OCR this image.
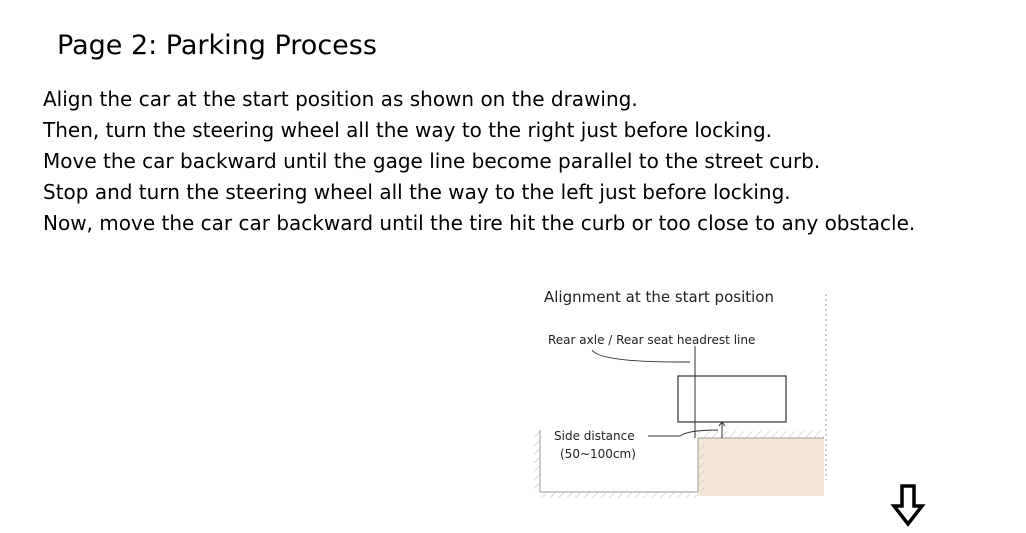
Page 2: Parking Process
Align the car at the start position as shown on the drawing.
Then, turn the steering wheel all the way to the right just before locking.
Move the car backward until the gage line become parallel to the street curb.
Stop and turn the steering wheel all the way to the left just before locking.
Now, move the car car backward until the tire hit the curb or too close to any obstacle.
Alignment at the start position
Rear axle / Rear seat headrest line
Side distance
(50~100cm)
